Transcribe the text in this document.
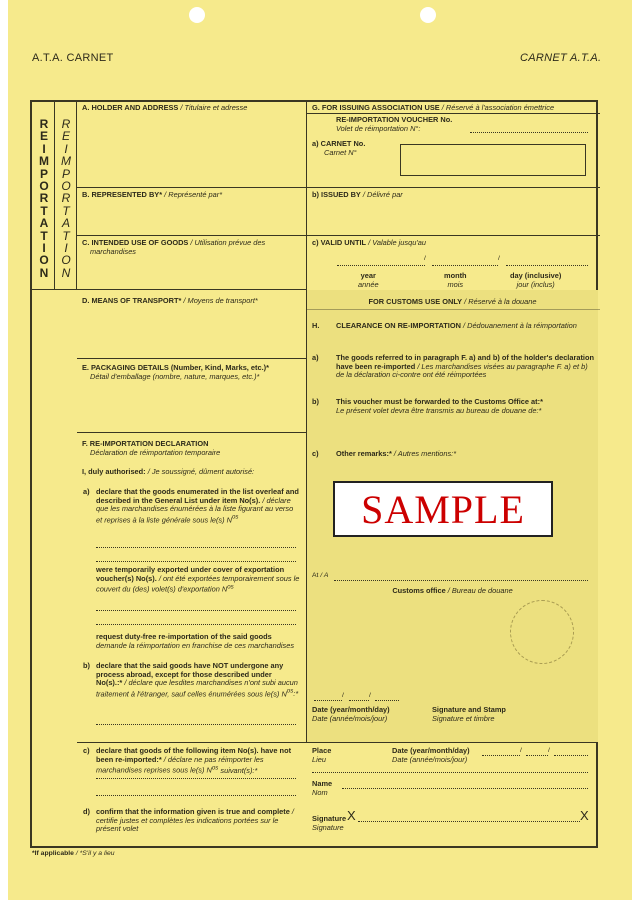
A.T.A. CARNET	CARNET A.T.A.
R
E
I
M
P
O
R
T
A
T
I
O
N
R
E
I
M
P
O
R
T
A
T
I
O
N
A. HOLDER AND ADDRESS / Titulaire et adresse
B. REPRESENTED BY* / Représenté par*
C. INTENDED USE OF GOODS / Utilisation prévue des
marchandises
D. MEANS OF TRANSPORT* / Moyens de transport*
E. PACKAGING DETAILS (Number, Kind, Marks, etc.)*
Détail d'emballage (nombre, nature, marques, etc.)*
F. RE-IMPORTATION DECLARATION
Déclaration de réimportation temporaire
I, duly authorised: / Je soussigné, dûment autorisé:
a) declare that the goods enumerated in the list overleaf and described in the General List under item No(s). / déclare que les marchandises énumérées à la liste figurant au verso et reprises à la liste générale sous le(s) $N^{os}$
were temporarily exported under cover of exportation voucher(s) No(s). / ont été exportées temporairement sous le couvert du (des) volet(s) d'exportation $N^{os}$
request duty-free re-importation of the said goods
demande la réimportation en franchise de ces marchandises
b) declare that the said goods have NOT undergone any process abroad, except for those described under No(s).:* / déclare que lesdites marchandises n'ont subi aucun traitement à l'étranger, sauf celles énumérées sous le(s) $N^{os}:*$
G. FOR ISSUING ASSOCIATION USE / Réservé à l'association émettrice
RE-IMPORTATION VOUCHER No.
Volet de réimportation N°:
a) CARNET No.
Carnet N°
b) ISSUED BY / Délivré par
c) VALID UNTIL / Valable jusqu'au
/	/
year
année
month
mois
day (inclusive)
jour (inclus)
FOR CUSTOMS USE ONLY / Réservé à la douane
H. CLEARANCE ON RE-IMPORTATION / Dédouanement à la réimportation
a) The goods referred to in paragraph F. a) and b) of the holder's declaration have been re-imported / Les marchandises visées au paragraphe F. a) et b) de la déclaration ci-contre ont été réimportées
b) This voucher must be forwarded to the Customs Office at:*
Le présent volet devra être transmis au bureau de douane de:*
c) Other remarks:* / Autres mentions:*
At / A
Customs office / Bureau de douane
/	/
Date (year/month/day)
Date (année/mois/jour)
Signature and Stamp
Signature et timbre
c) declare that goods of the following item No(s). have not been re-imported:* / déclare ne pas réimporter les marchandises reprises sous le(s) $N^{os}$ suivant(s):*
d) confirm that the information given is true and complete / certifie justes et complètes les indications portées sur le présent volet
Place
Lieu
Date (year/month/day)
Date (année/mois/jour)
/	/
Name
Nom
Signature
Signature
X	X
*If applicable / *S'il y a lieu
SAMPLE
